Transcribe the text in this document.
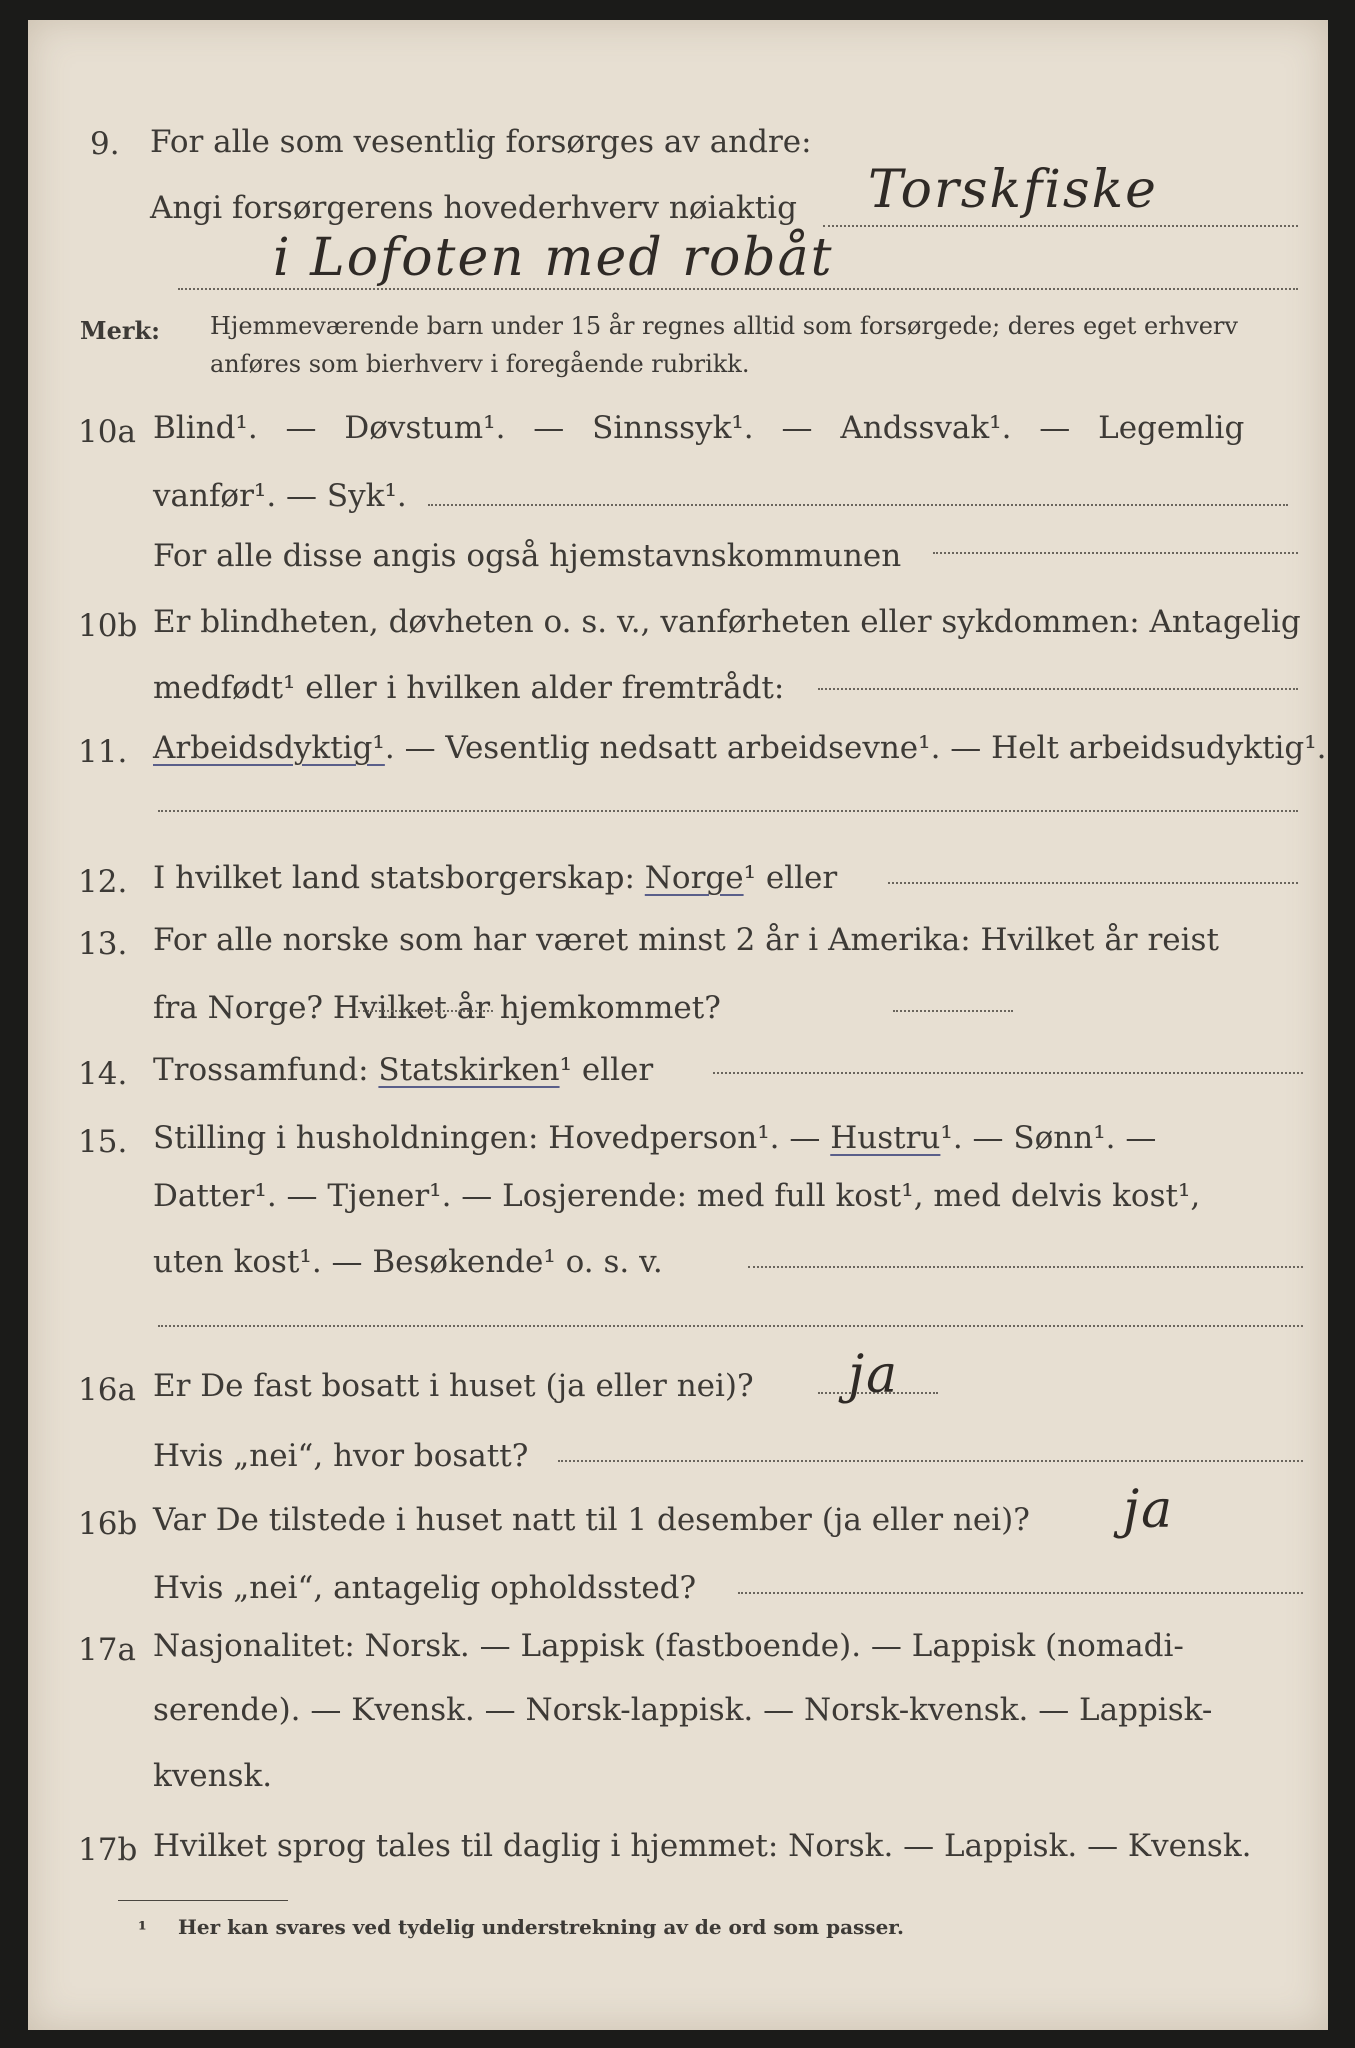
9. For alle som vesentlig forsørges av andre:
Angi forsørgerens hovederhverv nøiaktig Torskfiske
i Lofoten med robåt
Merk: Hjemmeværende barn under 15 år regnes alltid som forsørgede; deres eget erhverv
anføres som bierhverv i foregående rubrikk.
10a Blind¹. — Døvstum¹. — Sinnssyk¹. — Andssvak¹. — Legemlig
vanfør¹. — Syk¹.
For alle disse angis også hjemstavnskommunen
10b Er blindheten, døvheten o. s. v., vanførheten eller sykdommen: Antagelig
medfødt¹ eller i hvilken alder fremtrådt:
11. Arbeidsdyktig¹. — Vesentlig nedsatt arbeidsevne¹. — Helt arbeidsudyktig¹.
12. I hvilket land statsborgerskap: Norge¹ eller
13. For alle norske som har været minst 2 år i Amerika: Hvilket år reist
fra Norge? Hvilket år hjemkommet?
14. Trossamfund: Statskirken¹ eller
15. Stilling i husholdningen: Hovedperson¹. — Hustru¹. — Sønn¹. —
Datter¹. — Tjener¹. — Losjerende: med full kost¹, med delvis kost¹,
uten kost¹. — Besøkende¹ o. s. v.
16a Er De fast bosatt i huset (ja eller nei)? ja
Hvis „nei“, hvor bosatt?
16b Var De tilstede i huset natt til 1 desember (ja eller nei)? ja
Hvis „nei“, antagelig opholdssted?
17a Nasjonalitet: Norsk. — Lappisk (fastboende). — Lappisk (nomadi-
serende). — Kvensk. — Norsk-lappisk. — Norsk-kvensk. — Lappisk-
kvensk.
17b Hvilket sprog tales til daglig i hjemmet: Norsk. — Lappisk. — Kvensk.
¹ Her kan svares ved tydelig understrekning av de ord som passer.
